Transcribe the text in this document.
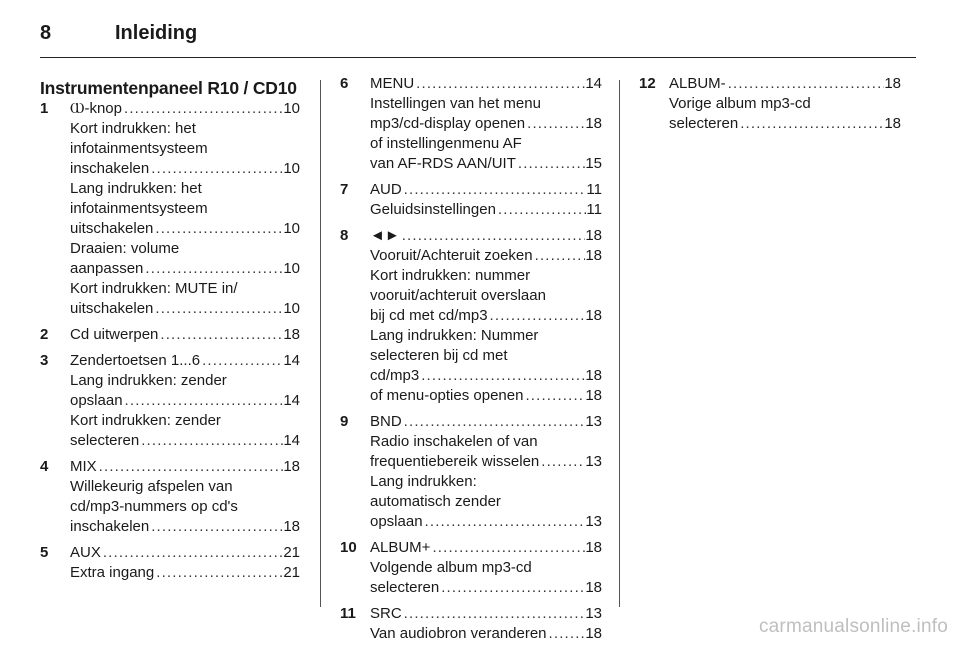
8	Inleiding
Instrumentenpaneel R10 / CD10
1 Ⲱ-knop . . .	10
Kort indrukken: het
infotainmentsysteem
inschakelen . . .	10
Lang indrukken: het
infotainmentsysteem
uitschakelen . . .	10
Draaien: volume
aanpassen . . .	10
Kort indrukken: MUTE in/
uitschakelen . . .	10
2 Cd uitwerpen . . .	18
3 Zendertoetsen 1...6 . . .	14
Lang indrukken: zender
opslaan . . .	14
Kort indrukken: zender
selecteren . . .	14
4 MIX . . .	18
Willekeurig afspelen van
cd/mp3-nummers op cd's
inschakelen . . .	18
5 AUX . . .	21
Extra ingang . . .	21
6 MENU . . .	14
Instellingen van het menu
mp3/cd-display openen . . .	18
of instellingenmenu AF
van AF-RDS AAN/UIT . . .	15
7 AUD . . .	11
Geluidsinstellingen . . .	11
8 ◄► . . .	18
Vooruit/Achteruit zoeken . . .	18
Kort indrukken: nummer
vooruit/achteruit overslaan
bij cd met cd/mp3 . . .	18
Lang indrukken: Nummer
selecteren bij cd met
cd/mp3 . . .	18
of menu-opties openen . . .	18
9 BND . . .	13
Radio inschakelen of van
frequentiebereik wisselen . . .	13
Lang indrukken:
automatisch zender
opslaan . . .	13
10 ALBUM+ . . .	18
Volgende album mp3-cd
selecteren . . .	18
11 SRC . . .	13
Van audiobron veranderen . . .	18
12 ALBUM- . . .	18
Vorige album mp3-cd
selecteren . . .	18
carmanualsonline.info
